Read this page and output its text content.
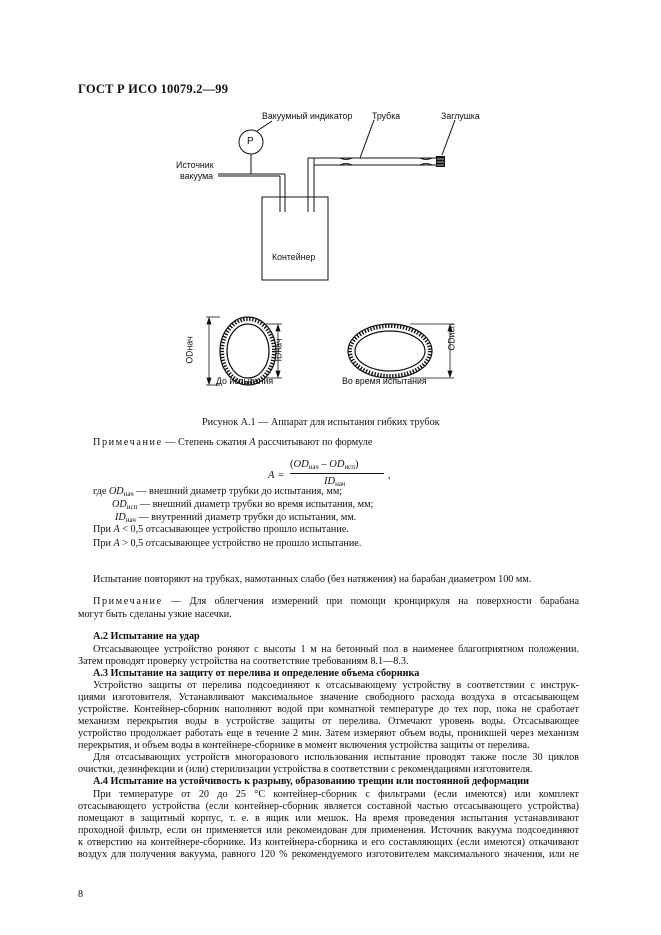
ГОСТ Р ИСО 10079.2—99
Вакуумный индикатор Трубка	Заглушка
P
Источник
вакуума
Контейнер
До испытания	Во время испытания
ODнач	IDнач	ODисп
Рисунок А.1 — Аппарат для испытания гибких трубок
Примечание — Степень сжатия A рассчитывают по формуле
A =
$(OD_{нач} - OD_{исп})$
$ID_{нач}$
,
где $OD_{нач}$ — внешний диаметр трубки до испытания, мм;
$OD_{исп}$ — внешний диаметр трубки во время испытания, мм;
$ID_{нач}$ — внутренний диаметр трубки до испытания, мм.
При A < 0,5 отсасывающее устройство прошло испытание.
При A > 0,5 отсасывающее устройство не прошло испытание.
Испытание повторяют на трубках, намотанных слабо (без натяжения) на барабан диаметром 100 мм.
Примечание — Для облегчения измерений при помощи кронциркуля на поверхности барабана
могут быть сделаны узкие насечки.
А.2 Испытание на удар
Отсасывающее устройство роняют с высоты 1 м на бетонный пол в наименее благоприятном положении.
Затем проводят проверку устройства на соответствие требованиям 8.1—8.3.
А.3 Испытание на защиту от перелива и определение объема сборника
Устройство защиты от перелива подсоединяют к отсасывающему устройству в соответствии с инструк-
циями изготовителя. Устанавливают максимальное значение свободного расхода воздуха в отсасывающем
устройстве. Контейнер-сборник наполняют водой при комнатной температуре до тех пор, пока не сработает
механизм перекрытия воды в устройстве защиты от перелива. Отмечают уровень воды. Отсасывающее
устройство продолжает работать еще в течение 2 мин. Затем измеряют объем воды, проникшей через механизм
перекрытия, и объем воды в контейнере-сборнике в момент включения устройства защиты от перелива.
Для отсасывающих устройств многоразового использования испытание проводят также после 30 циклов
очистки, дезинфекции и (или) стерилизации устройства в соответствии с рекомендациями изготовителя.
А.4 Испытание на устойчивость к разрыву, образованию трещин или постоянной деформации
При температуре от 20 до 25 °С контейнер-сборник с фильтрами (если имеются) или комплект
отсасывающего устройства (если контейнер-сборник является составной частью отсасывающего устройства)
помещают в защитный корпус, т. е. в ящик или мешок. На время проведения испытания устанавливают
проходной фильтр, если он применяется или рекомендован для применения. Источник вакуума подсоединяют
к отверстию на контейнере-сборнике. Из контейнера-сборника и его составляющих (если имеются) откачивают
воздух для получения вакуума, равного 120 % рекомендуемого изготовителем максимального значения, или не
8
